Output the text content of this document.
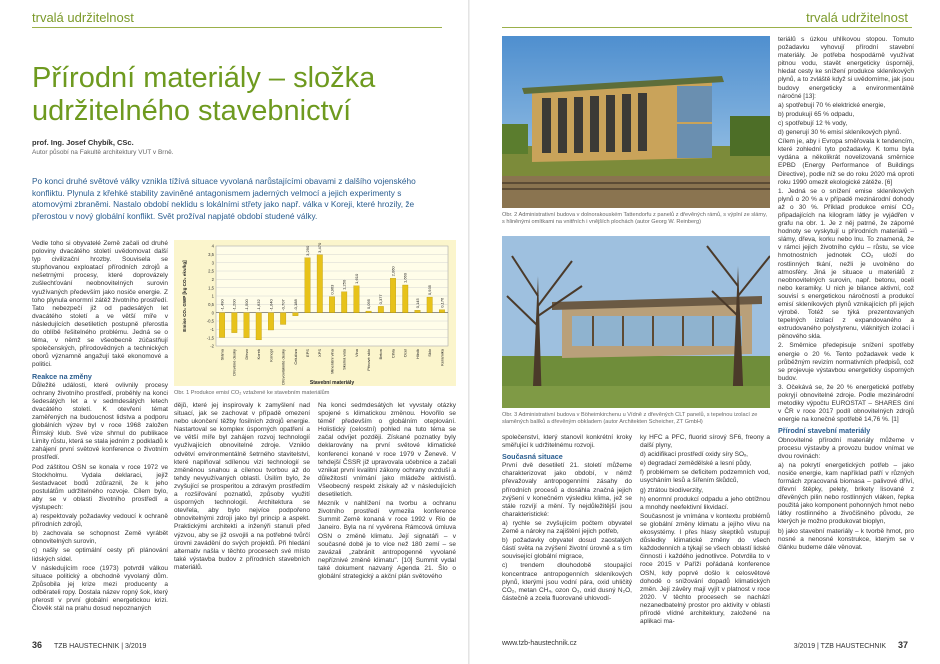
trvalá udržitelnost
Přírodní materiály – složka udržitelného stavebnictví
prof. Ing. Josef Chybík, CSc.
Autor působí na Fakultě architektury VUT v Brně.
Po konci druhé světové války vznikla tížívá situace vyvolaná narůstajícími obavami z dalšího vojenského konfliktu. Plynula z křehké stability zaviněné antagonismem jaderných velmocí a jejich experimenty s atomovými zbraněmi. Nastalo období neklidu s lokálními střety jako např. válka v Koreji, které hrozily, že přerostou v nový globální konflikt. Svět prožíval napjaté období studené války.

Vedle toho si obyvatelé Země začali od druhé poloviny dvacátého století uvědomovat další typ civilizační hrozby. Souvisela se stupňovanou exploatací přírodních zdrojů a nešetrnými procesy, které doprovázely zušlechťování neobnovitelných surovin využívaných především jako nosiče energie. Z toho plynula enormní zátěž životního prostředí. Tato nebezpečí již od padesátých let dvacátého století a ve větší míře v následujících desetiletích postupně přerostla do oblíbě řešitelného problému. Jedná se o téma, v němž se všeobecně zúčastňují společenských, přírodovědných a technických oborů významně angažují také ekonomové a politici.

Reakce na změny

Důležité události, které ovlivnily procesy ochrany životního prostředí, proběhly na konci šedesátých let a v sedmdesátých letech dvacátého století. K otevření témat zaměřených na budoucnost lidstva a podporu globálních výzev byl v roce 1968 založen Římský klub. Své vize shrnul do publikace Limity růstu, která se stala jedním z podkladů k zahájení první světové konference o životním prostředí.

Pod záštitou OSN se konala v roce 1972 ve Stockholmu. Vydala deklaraci, jejíž šestadvacet bodů zdůraznil, že k jeho postulátům udržitelného rozvoje. Cílem bylo, aby se v oblasti životního prostředí a výstupech:

a) respektovaly požadavky vedoucí k ochraně přírodních zdrojů,

b) zachovala se schopnost Země vyrábět obnovitelných surovin,

c) našly se optimální cesty při plánování lidských sídel.

V následujícím roce (1973) potvrdil válkou situace politický a obchodně vyvolaný dům. Způsobila jej krize mezi producenty a odběrateli ropy. Dostala název ropný šok, který přerostl v první globální energetickou krizi. Člověk stál na prahu dosud nepoznaných

-2
-1,5
-1
-0,5
0
0,5
1
1,5
2
2,5
3
3,5
4
-1,490
Sláma
-1,200
Dřevěné desky
-1,500
Dřevo
-1,632
Korek
-1,040
Konopí
-0,707
Dřevovláknité desky
-0,188
Celulóza
3,290
EPS
3,470
XPS
0,963
Minerální vlna
1,250
Skelná vata
1,610
Vlna
0,095
Pěnové sklo
0,377
Beton
2,060
Cihla
1,660
Ocel
0,145
Hliník
0,935
Sklo
0,176
Keramika
Emise CO₂ GWP [kg CO₂ ekv/kg]
Stavební materiály
Obr. 1 Produkce emisí CO₂ vztažené ke stavebním materiálům

dějů, které jej inspirovaly k zamyšlení nad situací, jak se zachovat v případě omezení nebo ukončení těžby fosilních zdrojů energie. Nastartoval se komplex úsporných opatření a ve větší míře byl zahájen rozvoj technologií využívajících obnovitelné zdroje. Vzniklo odvětví environmentálně šetrného stavitelství, které naplňoval sdílenou vizi technologií se změněnou snahou a cílenou tvorbou až do tehdy nevyužívaných oblastí. Úsilím bylo, že zvyšující se prosperitou a zdravým prostředím a rozšiřování poznatků, způsoby využití úsporných technologií. Architektura se otevřela, aby bylo nejvíce podpořeno obnovitelnými zdroji jako byl princip a aspekt. Praktickými architekti a inženýři stanuli před výzvou, aby se již osvojili a na potřebné tvůrčí úrovni zavádění do svých projektů. Při hledání alternativ našla v těchto procesech své místo také výstavba budov z přírodních stavebních materiálů.

Na konci sedmdesátých let vyvstaly otázky spojené s klimatickou změnou. Hovořilo se téměř především o globálním oteplování. Holistický (celostní) pohled na tuto téma se začal odvíjet později. Získané poznatky byly deklarovány na první světové klimatické konferenci konané v roce 1979 v Ženevě. V tehdejší ČSSR již upravovala učebnice a začali vznikat první kvalitní zákony ochrany ovzduší a důležitostí vnímání jako mládeže aktivistů. Všeobecný respekt získaly až v následujících desetiletích.

Mezník v nahlížení na tvorbu a ochranu životního prostředí vymezila konference Summit Země konaná v roce 1992 v Rio de Janeiro. Byla na ní vyvěrena Rámcová úmluva OSN o změně klimatu. Její signatáři – v současné době je to více než 180 zemí – se zavázali „zabránit antropogenně vyvolané nepříznivé změně klimatu". [10] Summit vydal také dokument nazvaný Agenda 21. Šlo o globální strategický a akční plán světového

36 TZB HAUSTECHNIK | 3/2019
trvalá udržitelnost
Obr. 2 Administrativní budova v dolnorakouském Tattendorfu z panelů z dřevěných rámů, s výplní ze slámy, s hliněnými omítkami na vnitřních i vnějších plochách (autor Georg W. Reinberg)
Obr. 3 Administrativní budova v Böheimkirchenu u Vídně z dřevěných CLT panelů, s tepelnou izolací ze slaměných balíků a dřevěným obkladem (autor Architekten Scheicher, ZT GmbH)

společenství, který stanovil konkrétní kroky směřující k udržitelnému rozvoji.

Současná situace

První dvě desetiletí 21. století můžeme charakterizovat jako období, v němž převažovaly antropogenními zásahy do přírodních procesů a dosáhla značná jejich zvýšení v konečném výsledku klima, jež se stále rozvíjí a mění. Ty nejdůležitější jsou charakteristické:

a) rychle se zvyšujícím počtem obyvatel Země a nároky na zajištění jejich potřeb,

b) požadavky obyvatel dosud zaostalých částí světa na zvýšení životní úrovně a s tím související globální migrace,

c) trendem dlouhodobě stoupající koncentrace antropogenních skleníkových plynů, kterými jsou vodní pára, oxid uhličitý CO₂, metan CH₄, ozon O₃, oxid dusný N₂O, částečně a zcela fluorované uhlovodí-

ky HFC a PFC, fluorid sírový SF6, freony a další plyny,

d) acidifikací prostředí oxidy síry SOₓ,

e) degradací zemědělské a lesní půdy,

f) problémem se deficitem podzemních vod, usycháním lesů a šířením škůdců,

g) ztrátou biodiverzity,

h) enormní produkcí odpadu a jeho obtížnou a mnohdy neefektivní likvidací.

Současnost je vnímána v kontextu problémů se globální změny klimatu a jejího vlivu na ekosystémy. I přes hlasy skeptiků vstupují důsledky klimatické změny do všech každodenních a týkají se všech oblastí lidské činnosti i každého jednotlivce. Potvrdila to v roce 2015 v Paříži pořádaná konference OSN, kdy poprvé došlo k celosvětové dohodě o snižování dopadů klimatických změn. Její závěry mají vyjít v platnost v roce 2020. V těchto procesech se nachází nezanedbatelný prostor pro aktivity v oblasti přírodě vlídné architektury, založené na aplikaci ma-

teriálů s úzkou uhlíkovou stopou. Tomuto požadavku vyhovují přírodní stavební materiály. Je potřeba hospodárně využívat pitnou vodu, stavět energeticky úsporněji, hledat cesty ke snížení produkce skleníkových plynů, a to zvláště když si uvědomíme, jak jsou budovy energeticky a environmentálně náročné [13]:

a) spotřebují 70 % elektrické energie,

b) produkují 65 % odpadu,

c) spotřebují 12 % vody,

d) generují 30 % emisí skleníkových plynů.

Cílem je, aby i Evropa směřovala k tendencím, které zohlední tyto požadavky. K tomu byla vydána a několikrát novelizovaná směrnice EPBD (Energy Performance of Buildings Directive), podle níž se do roku 2020 má oproti roku 1990 omezit ekologické zátěže. [6]

1. Jedná se o snížení emise skleníkových plynů o 20 % a v případě mezinárodní dohody až o 30 %. Příklad produkce emisí CO₂ připadajících na kilogram látky je vyjádřen v grafu na obr. 1. Je z něj patrné, že záporné hodnoty se vyskytují u přírodních materiálů – slámy, dřeva, korku nebo lnu. To znamená, že v rámci jejich životního cyklu – růstu, se více hmotnostních jednotek CO₂ uloží do rostlinných tkání, nežli je uvolněno do atmosféry. Jiná je situace u materiálů z neobnovitelných surovin, např. betonu, oceli nebo keramiky. U nich je bilance aktivní, což souvisí s energetickou náročností a produkcí emisí skleníkových plynů vznikajících při jejich výrobě. Totéž se týká prezentovaných tepelných izolací z expandovaného a extrudovaného polystyrenu, vláknitých izolací i pěnového skla.

2. Směrnice předepisuje snížení spotřeby energie o 20 %. Tento požadavek vede k průběžným revizím normativních předpisů, což se projevuje výstavbou energeticky úsporných budov.

3. Očekává se, že 20 % energetické potřeby pokryjí obnovitelné zdroje. Podle mezinárodní metodiky výpočtu EUROSTAT – SHARES činí v ČR v roce 2017 podíl obnovitelných zdrojů energie na konečné spotřebě 14,76 %. [1]

Přírodní stavební materiály

Obnovitelné přírodní materiály můžeme v procesu výstavby a provozu budov vnímat ve dvou rovinách:

a) na pokrytí energetických potřeb – jako nosiče energie, kam například patří v různých formách zpracovaná biomasa – palivové dříví, dřevní štěpky, pelety, brikety lisované z dřevěných pilin nebo rostlinných vláken, řepka použitá jako komponent pohonných hmot nebo látky rostlinného a živočišného původu, ze kterých je možno produkovat bioplyn,

b) jako stavební materiály – k tvorbě hmot, pro nosné a nenosné konstrukce, kterým se v článku budeme dále věnovat.

www.tzb-haustechnik.cz	3/2019 | TZB HAUSTECHNIK 37
